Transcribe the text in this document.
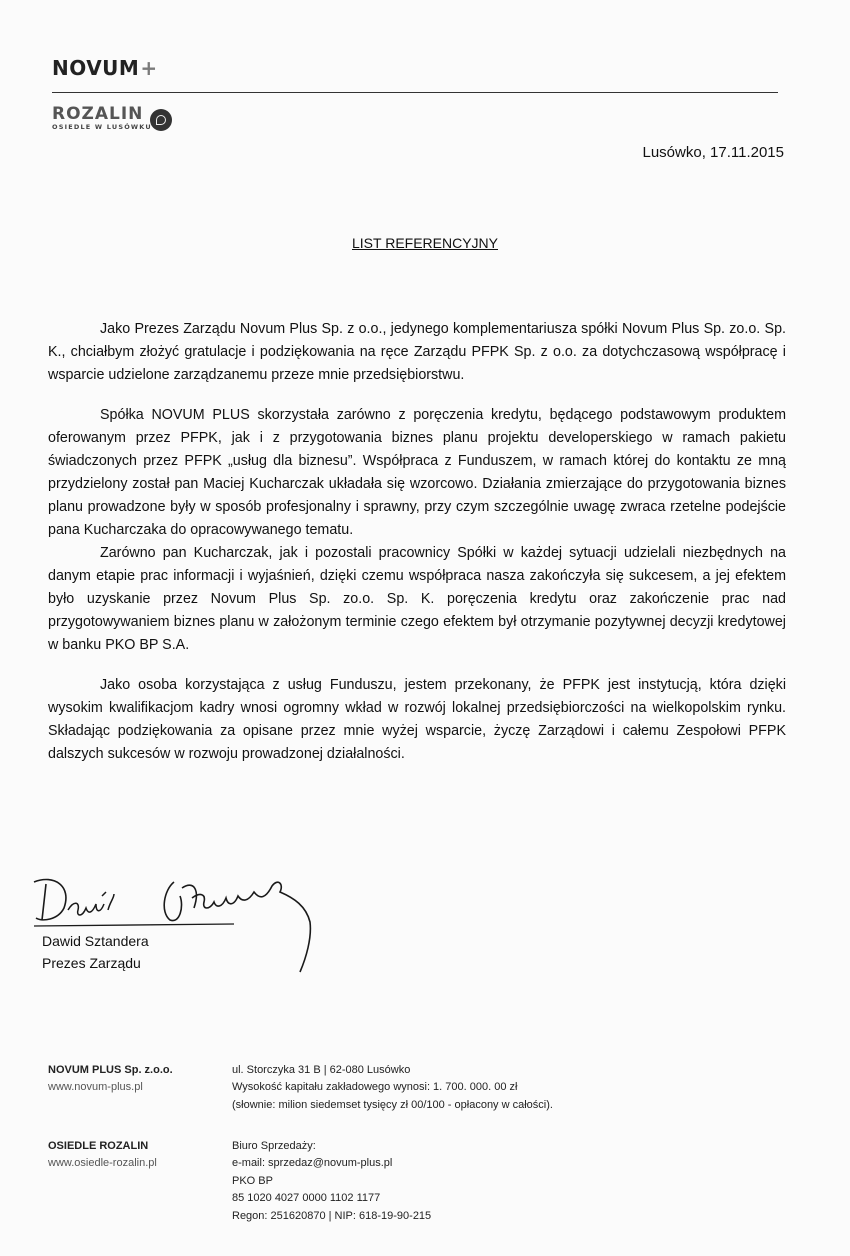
NOVUM+
ROZALIN
OSIEDLE W LUSÓWKU
Lusówko, 17.11.2015
LIST REFERENCYJNY

Jako Prezes Zarządu Novum Plus Sp. z o.o., jedynego komplementariusza spółki Novum Plus Sp. zo.o. Sp. K., chciałbym złożyć gratulacje i podziękowania na ręce Zarządu PFPK Sp. z o.o. za dotychczasową współpracę i wsparcie udzielone zarządzanemu przeze mnie przedsiębiorstwu.

Spółka NOVUM PLUS skorzystała zarówno z poręczenia kredytu, będącego podstawowym produktem oferowanym przez PFPK, jak i z przygotowania biznes planu projektu developerskiego w ramach pakietu świadczonych przez PFPK „usług dla biznesu”. Współpraca z Funduszem, w ramach której do kontaktu ze mną przydzielony został pan Maciej Kucharczak układała się wzorcowo. Działania zmierzające do przygotowania biznes planu prowadzone były w sposób profesjonalny i sprawny, przy czym szczególnie uwagę zwraca rzetelne podejście pana Kucharczaka do opracowywanego tematu.

Zarówno pan Kucharczak, jak i pozostali pracownicy Spółki w każdej sytuacji udzielali niezbędnych na danym etapie prac informacji i wyjaśnień, dzięki czemu współpraca nasza zakończyła się sukcesem, a jej efektem było uzyskanie przez Novum Plus Sp. zo.o. Sp. K. poręczenia kredytu oraz zakończenie prac nad przygotowywaniem biznes planu w założonym terminie czego efektem był otrzymanie pozytywnej decyzji kredytowej w banku PKO BP S.A.

Jako osoba korzystająca z usług Funduszu, jestem przekonany, że PFPK jest instytucją, która dzięki wysokim kwalifikacjom kadry wnosi ogromny wkład w rozwój lokalnej przedsiębiorczości na wielkopolskim rynku. Składając podziękowania za opisane przez mnie wyżej wsparcie, życzę Zarządowi i całemu Zespołowi PFPK dalszych sukcesów w rozwoju prowadzonej działalności.

Dawid Sztandera
Prezes Zarządu
NOVUM PLUS Sp. z.o.o.
www.novum-plus.pl
ul. Storczyka 31 B | 62-080 Lusówko
Wysokość kapitału zakładowego wynosi: 1. 700. 000. 00 zł
(słownie: milion siedemset tysięcy zł 00/100 - opłacony w całości).
OSIEDLE ROZALIN
www.osiedle-rozalin.pl
Biuro Sprzedaży:
e-mail: sprzedaz@novum-plus.pl
PKO BP
85 1020 4027 0000 1102 1177
Regon: 251620870 | NIP: 618-19-90-215
